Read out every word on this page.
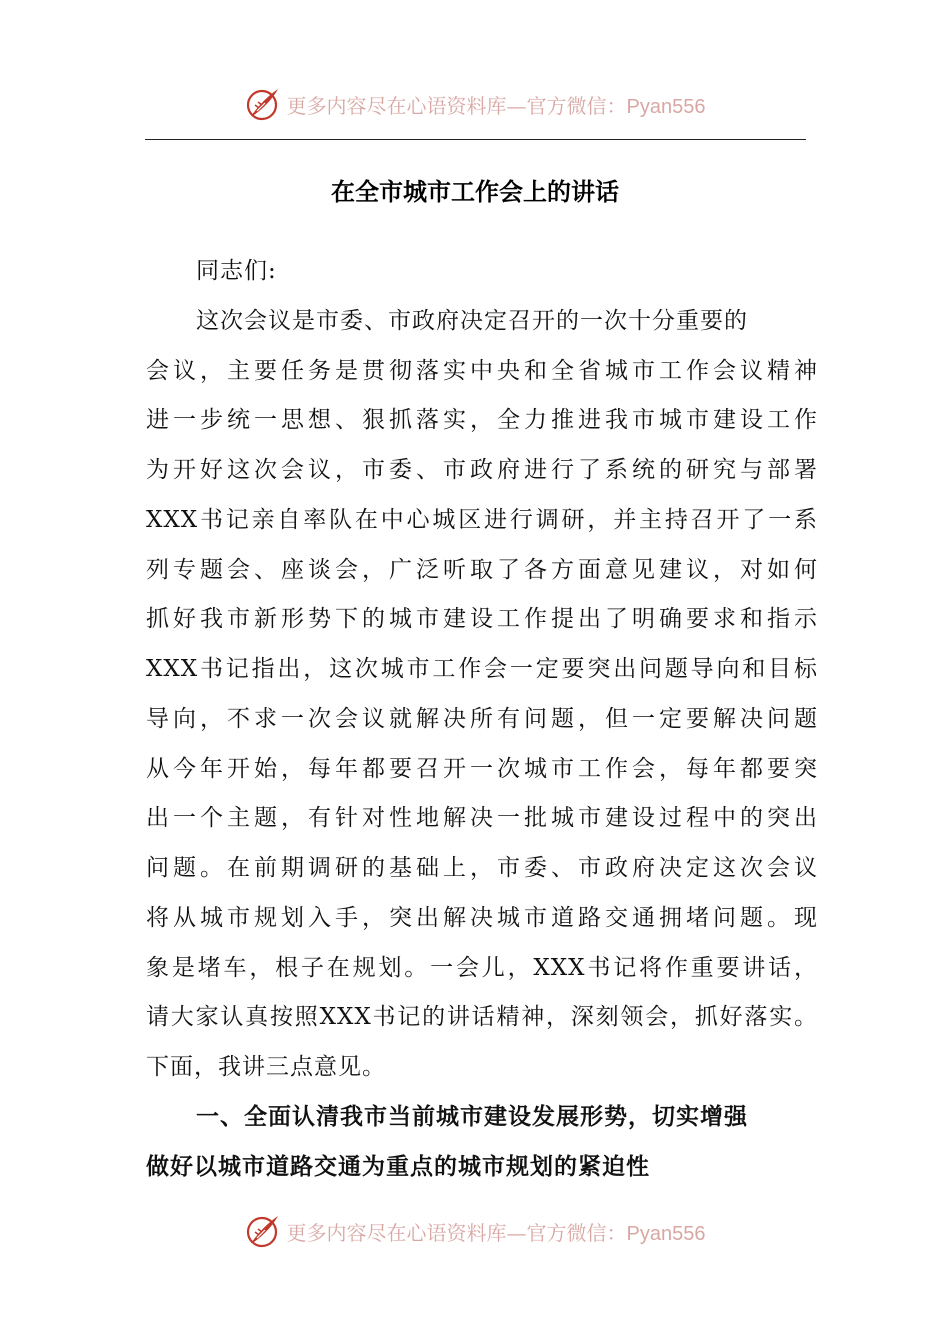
更多内容尽在心语资料库—官方微信：Pyan556
在全市城市工作会上的讲话
同志们:
这次会议是市委、市政府决定召开的一次十分重要的
会议，主要任务是贯彻落实中央和全省城市工作会议精神
进一步统一思想、狠抓落实，全力推进我市城市建设工作
为开好这次会议，市委、市政府进行了系统的研究与部署
XXX书记亲自率队在中心城区进行调研，并主持召开了一系
列专题会、座谈会，广泛听取了各方面意见建议，对如何
抓好我市新形势下的城市建设工作提出了明确要求和指示
XXX书记指出，这次城市工作会一定要突出问题导向和目标
导向，不求一次会议就解决所有问题，但一定要解决问题
从今年开始，每年都要召开一次城市工作会，每年都要突
出一个主题，有针对性地解决一批城市建设过程中的突出
问题。在前期调研的基础上，市委、市政府决定这次会议
将从城市规划入手，突出解决城市道路交通拥堵问题。现
象是堵车，根子在规划。一会儿，XXX书记将作重要讲话，
请大家认真按照XXX书记的讲话精神，深刻领会，抓好落实。
下面，我讲三点意见。
一、全面认清我市当前城市建设发展形势，切实增强
做好以城市道路交通为重点的城市规划的紧迫性
更多内容尽在心语资料库—官方微信：Pyan556
